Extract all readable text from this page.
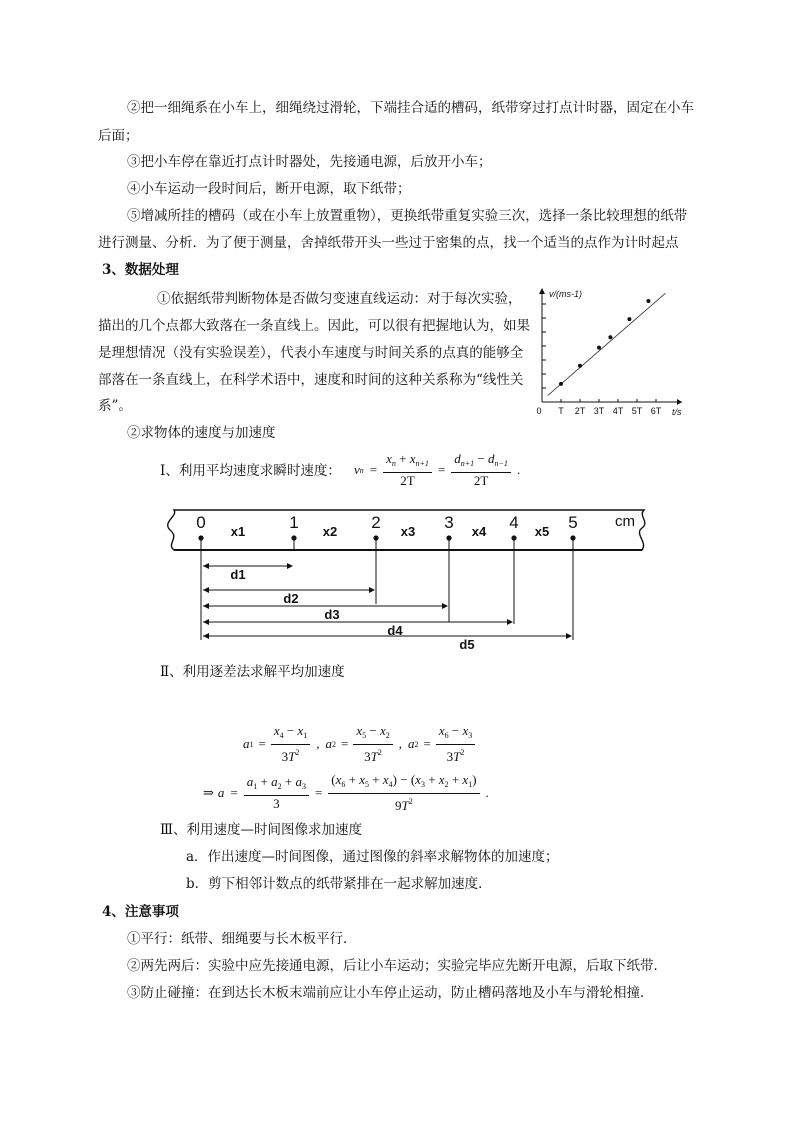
②把一细绳系在小车上，细绳绕过滑轮，下端挂合适的槽码，纸带穿过打点计时器，固定在小车
后面；
③把小车停在靠近打点计时器处，先接通电源，后放开小车；
④小车运动一段时间后，断开电源，取下纸带；
⑤增减所挂的槽码（或在小车上放置重物），更换纸带重复实验三次，选择一条比较理想的纸带
进行测量、分析．为了便于测量，舍掉纸带开头一些过于密集的点，找一个适当的点作为计时起点
3、数据处理
①依据纸带判断物体是否做匀变速直线运动：对于每次实验，
描出的几个点都大致落在一条直线上。因此，可以很有把握地认为，如果
是理想情况（没有实验误差），代表小车速度与时间关系的点真的能够全
部落在一条直线上，在科学术语中，速度和时间的这种关系称为“线性关
系”。	0 T 2T 3T 4T 5T 6T
v/(ms-1)
t/s
②求物体的速度与加速度
Ⅰ、利用平均速度求瞬时速度： v $n = \frac{x_n + x_{n+1}}{2T} = \frac{d_{n+1} - d_{n-1}}{2T}$ .
0	1	2	3	4	5
x1	x2	x3	x4	x5
cm
d1
d2
d3
d4
d5
Ⅱ、利用逐差法求解平均加速度
a $1 = \frac{x_4 - x_1}{3T^2}$ , a $2 = \frac{x_5 - x_2}{3T^2}$ , a $2 = \frac{x_6 - x_3}{3T^2}$
⇒ $a = \frac{a_1 + a_2 + a_3}{3} = \frac{(x_6 + x_5 + x_4) - (x_3 + x_2 + x_1)}{9T^2}$ .
Ⅲ、利用速度—时间图像求加速度
a．作出速度—时间图像，通过图像的斜率求解物体的加速度；
b．剪下相邻计数点的纸带紧排在一起求解加速度．
4、注意事项
①平行：纸带、细绳要与长木板平行．
②两先两后：实验中应先接通电源，后让小车运动；实验完毕应先断开电源，后取下纸带．
③防止碰撞：在到达长木板末端前应让小车停止运动，防止槽码落地及小车与滑轮相撞．
